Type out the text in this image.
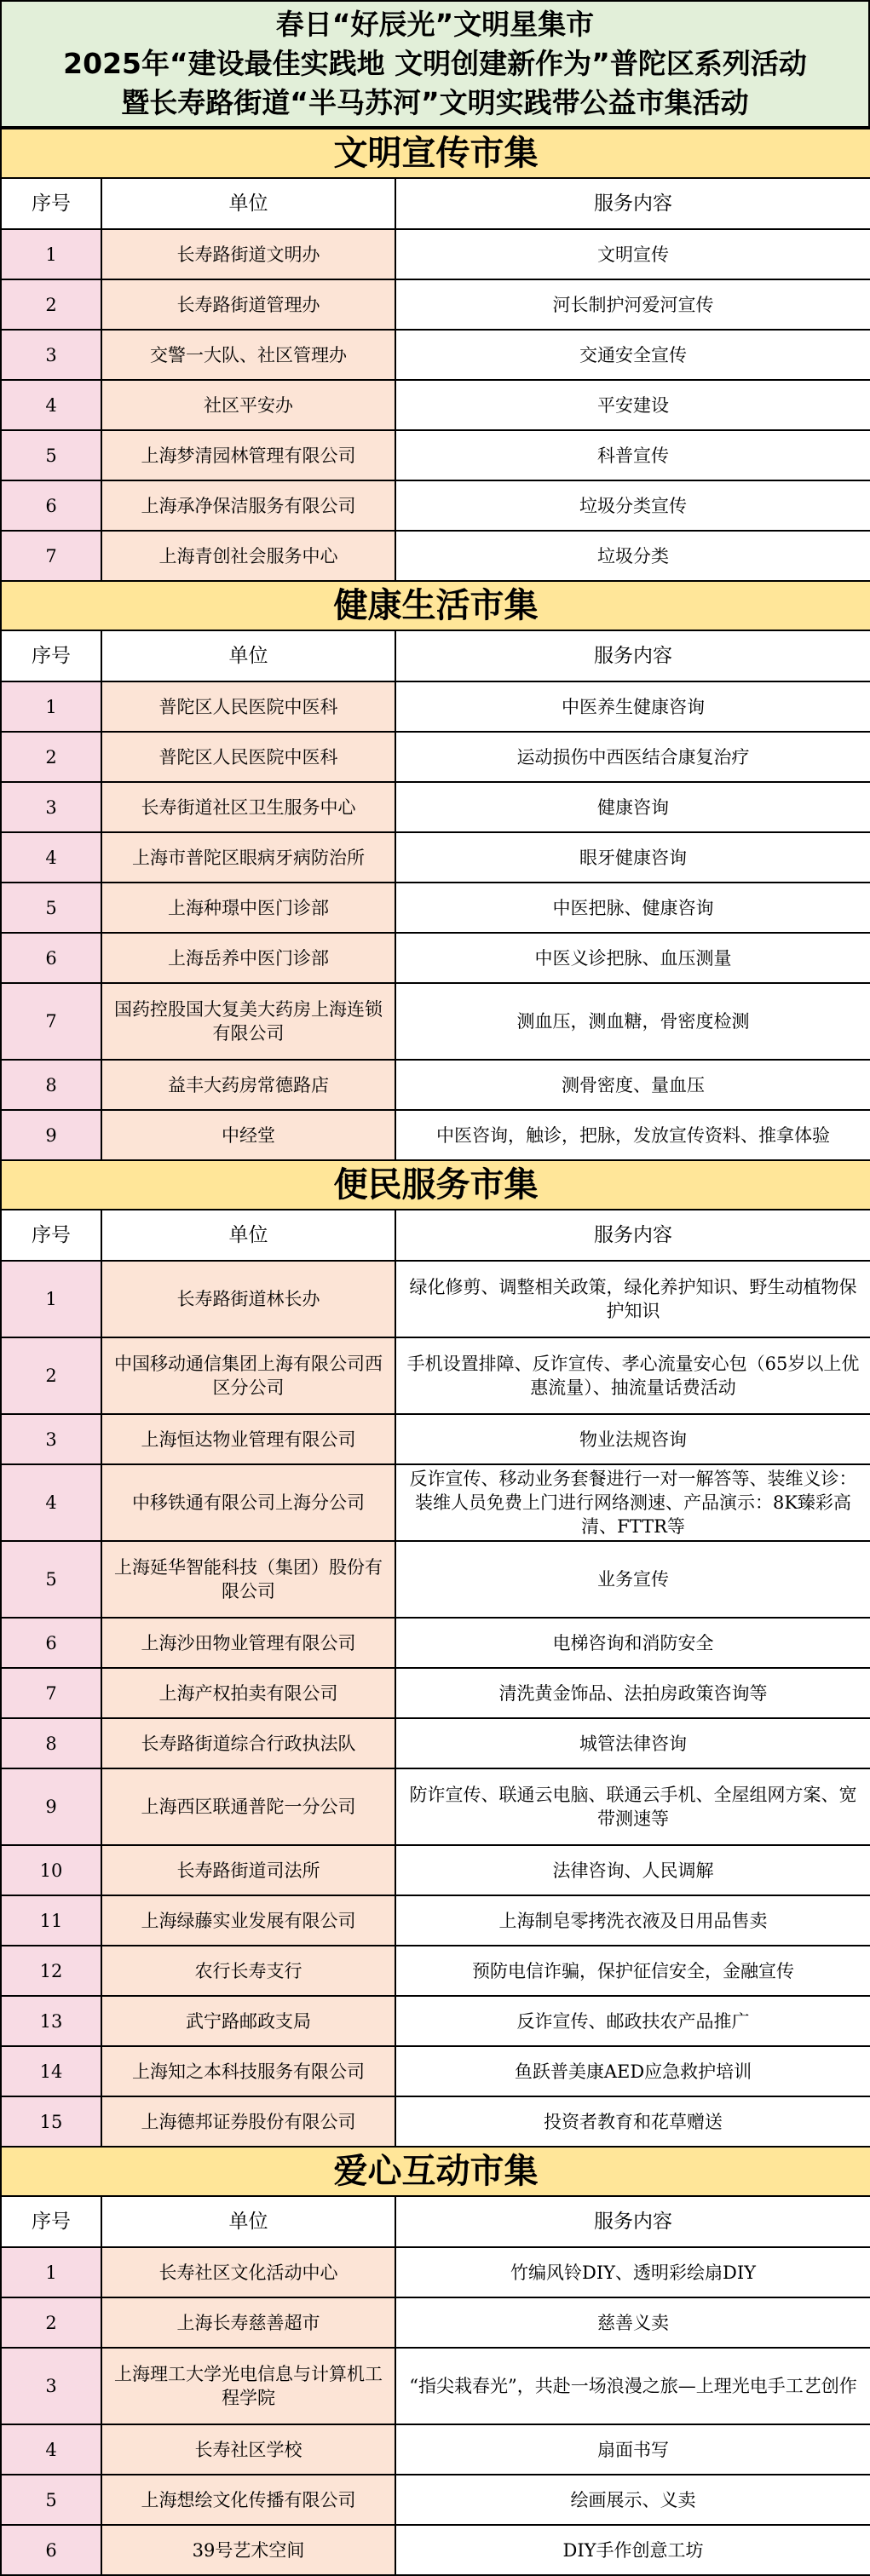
春日“好辰光”文明星集市
2025年“建设最佳实践地 文明创建新作为”普陀区系列活动
暨长寿路街道“半马苏河”文明实践带公益市集活动
文明宣传市集		
序号	单位	服务内容
1	长寿路街道文明办	文明宣传
2	长寿路街道管理办	河长制护河爱河宣传
3	交警一大队、社区管理办	交通安全宣传
4	社区平安办	平安建设
5	上海梦清园林管理有限公司	科普宣传
6	上海承净保洁服务有限公司	垃圾分类宣传
7	上海青创社会服务中心	垃圾分类
健康生活市集		
序号	单位	服务内容
1	普陀区人民医院中医科	中医养生健康咨询
2	普陀区人民医院中医科	运动损伤中西医结合康复治疗
3	长寿街道社区卫生服务中心	健康咨询
4	上海市普陀区眼病牙病防治所	眼牙健康咨询
5	上海种璟中医门诊部	中医把脉、健康咨询
6	上海岳养中医门诊部	中医义诊把脉、血压测量
7	国药控股国大复美大药房上海连锁有限公司	测血压，测血糖，骨密度检测
8	益丰大药房常德路店	测骨密度、量血压
9	中经堂	中医咨询，触诊，把脉，发放宣传资料、推拿体验
便民服务市集		
序号	单位	服务内容
1	长寿路街道林长办	绿化修剪、调整相关政策，绿化养护知识、野生动植物保护知识
2	中国移动通信集团上海有限公司西区分公司	手机设置排障、反诈宣传、孝心流量安心包（65岁以上优惠流量）、抽流量话费活动
3	上海恒达物业管理有限公司	物业法规咨询
4	中移铁通有限公司上海分公司	反诈宣传、移动业务套餐进行一对一解答等、装维义诊：装维人员免费上门进行网络测速、产品演示：8K臻彩高清、FTTR等
5	上海延华智能科技（集团）股份有限公司	业务宣传
6	上海沙田物业管理有限公司	电梯咨询和消防安全
7	上海产权拍卖有限公司	清洗黄金饰品、法拍房政策咨询等
8	长寿路街道综合行政执法队	城管法律咨询
9	上海西区联通普陀一分公司	防诈宣传、联通云电脑、联通云手机、全屋组网方案、宽带测速等
10	长寿路街道司法所	法律咨询、人民调解
11	上海绿藤实业发展有限公司	上海制皂零拷洗衣液及日用品售卖
12	农行长寿支行	预防电信诈骗，保护征信安全，金融宣传
13	武宁路邮政支局	反诈宣传、邮政扶农产品推广
14	上海知之本科技服务有限公司	鱼跃普美康AED应急救护培训
15	上海德邦证券股份有限公司	投资者教育和花草赠送
爱心互动市集		
序号	单位	服务内容
1	长寿社区文化活动中心	竹编风铃DIY、透明彩绘扇DIY
2	上海长寿慈善超市	慈善义卖
3	上海理工大学光电信息与计算机工程学院	“指尖栽春光”，共赴一场浪漫之旅—上理光电手工艺创作
4	长寿社区学校	扇面书写
5	上海想绘文化传播有限公司	绘画展示、义卖
6	39号艺术空间	DIY手作创意工坊
